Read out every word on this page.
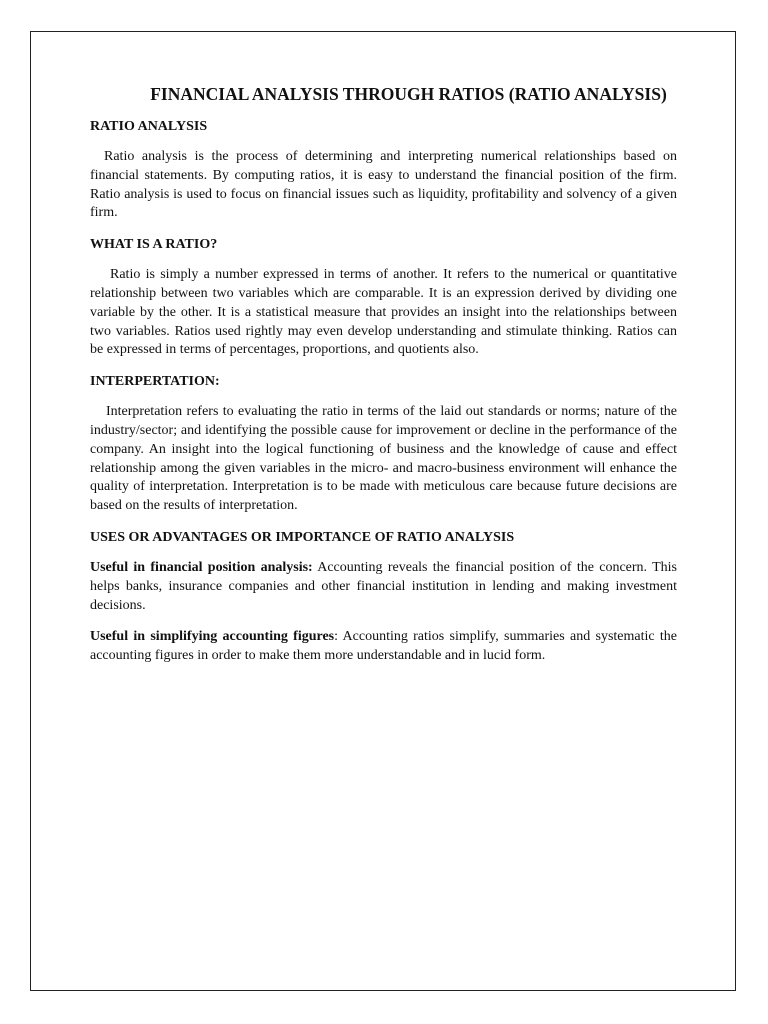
FINANCIAL ANALYSIS THROUGH RATIOS (RATIO ANALYSIS)
RATIO ANALYSIS

Ratio analysis is the process of determining and interpreting numerical relationships based on financial statements. By computing ratios, it is easy to understand the financial position of the firm. Ratio analysis is used to focus on financial issues such as liquidity, profitability and solvency of a given firm.

WHAT IS A RATIO?

Ratio is simply a number expressed in terms of another. It refers to the numerical or quantitative relationship between two variables which are comparable. It is an expression derived by dividing one variable by the other. It is a statistical measure that provides an insight into the relationships between two variables. Ratios used rightly may even develop understanding and stimulate thinking. Ratios can be expressed in terms of percentages, proportions, and quotients also.

INTERPERTATION:

Interpretation refers to evaluating the ratio in terms of the laid out standards or norms; nature of the industry/sector; and identifying the possible cause for improvement or decline in the performance of the company. An insight into the logical functioning of business and the knowledge of cause and effect relationship among the given variables in the micro- and macro-business environment will enhance the quality of interpretation. Interpretation is to be made with meticulous care because future decisions are based on the results of interpretation.

USES OR ADVANTAGES OR IMPORTANCE OF RATIO ANALYSIS

Useful in financial position analysis: Accounting reveals the financial position of the concern. This helps banks, insurance companies and other financial institution in lending and making investment decisions.

Useful in simplifying accounting figures: Accounting ratios simplify, summaries and systematic the accounting figures in order to make them more understandable and in lucid form.
